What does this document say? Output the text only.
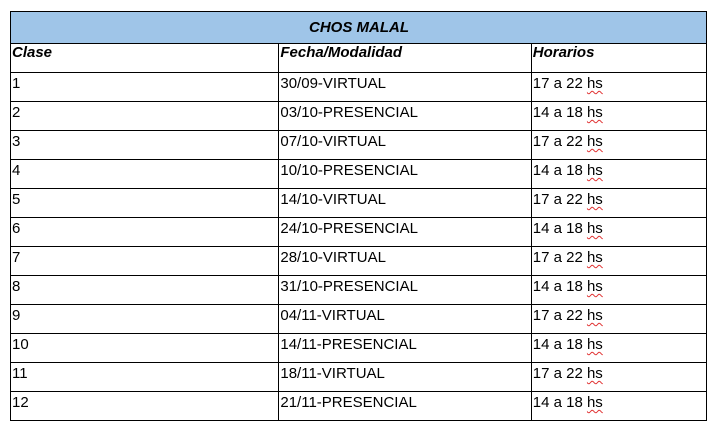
CHOS MALAL		
Clase	Fecha/Modalidad	Horarios
1	30/09-VIRTUAL	17 a 22 hs
2	03/10-PRESENCIAL	14 a 18 hs
3	07/10-VIRTUAL	17 a 22 hs
4	10/10-PRESENCIAL	14 a 18 hs
5	14/10-VIRTUAL	17 a 22 hs
6	24/10-PRESENCIAL	14 a 18 hs
7	28/10-VIRTUAL	17 a 22 hs
8	31/10-PRESENCIAL	14 a 18 hs
9	04/11-VIRTUAL	17 a 22 hs
10	14/11-PRESENCIAL	14 a 18 hs
11	18/11-VIRTUAL	17 a 22 hs
12	21/11-PRESENCIAL	14 a 18 hs
